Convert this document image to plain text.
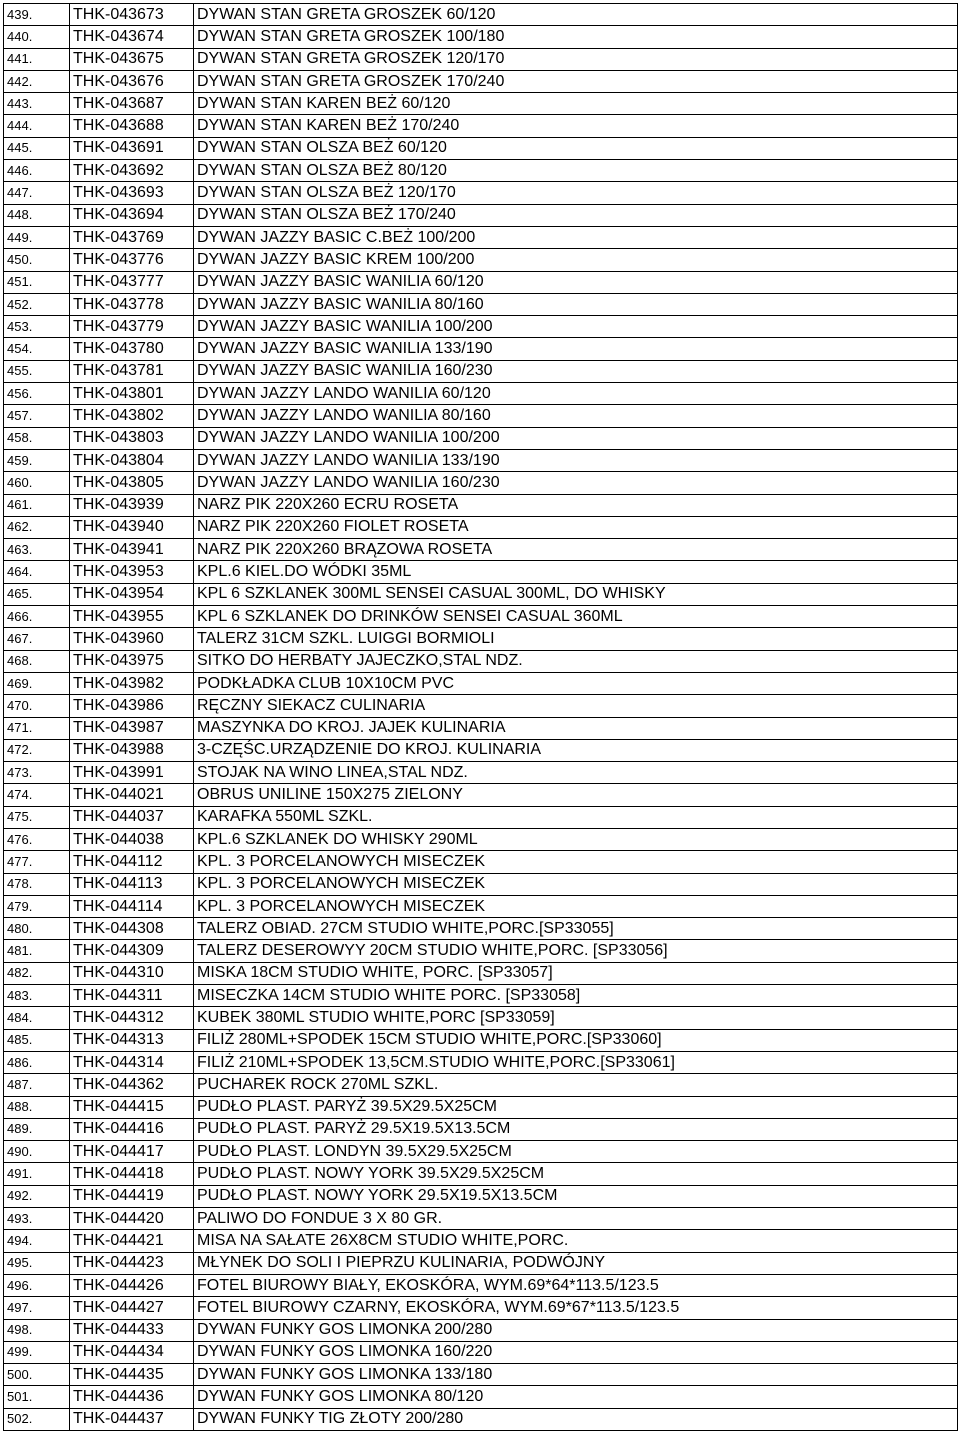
439.	THK-043673	DYWAN STAN GRETA GROSZEK 60/120
440.	THK-043674	DYWAN STAN GRETA GROSZEK 100/180
441.	THK-043675	DYWAN STAN GRETA GROSZEK 120/170
442.	THK-043676	DYWAN STAN GRETA GROSZEK 170/240
443.	THK-043687	DYWAN STAN KAREN BEŻ 60/120
444.	THK-043688	DYWAN STAN KAREN BEŻ 170/240
445.	THK-043691	DYWAN STAN OLSZA BEŻ 60/120
446.	THK-043692	DYWAN STAN OLSZA BEŻ 80/120
447.	THK-043693	DYWAN STAN OLSZA BEŻ 120/170
448.	THK-043694	DYWAN STAN OLSZA BEŻ 170/240
449.	THK-043769	DYWAN JAZZY BASIC C.BEŻ 100/200
450.	THK-043776	DYWAN JAZZY BASIC KREM 100/200
451.	THK-043777	DYWAN JAZZY BASIC WANILIA 60/120
452.	THK-043778	DYWAN JAZZY BASIC WANILIA 80/160
453.	THK-043779	DYWAN JAZZY BASIC WANILIA 100/200
454.	THK-043780	DYWAN JAZZY BASIC WANILIA 133/190
455.	THK-043781	DYWAN JAZZY BASIC WANILIA 160/230
456.	THK-043801	DYWAN JAZZY LANDO WANILIA 60/120
457.	THK-043802	DYWAN JAZZY LANDO WANILIA 80/160
458.	THK-043803	DYWAN JAZZY LANDO WANILIA 100/200
459.	THK-043804	DYWAN JAZZY LANDO WANILIA 133/190
460.	THK-043805	DYWAN JAZZY LANDO WANILIA 160/230
461.	THK-043939	NARZ PIK 220X260 ECRU ROSETA
462.	THK-043940	NARZ PIK 220X260 FIOLET ROSETA
463.	THK-043941	NARZ PIK 220X260 BRĄZOWA ROSETA
464.	THK-043953	KPL.6 KIEL.DO WÓDKI 35ML
465.	THK-043954	KPL 6 SZKLANEK 300ML SENSEI CASUAL 300ML, DO WHISKY
466.	THK-043955	KPL 6 SZKLANEK DO DRINKÓW SENSEI CASUAL 360ML
467.	THK-043960	TALERZ 31CM SZKL. LUIGGI BORMIOLI
468.	THK-043975	SITKO DO HERBATY JAJECZKO,STAL NDZ.
469.	THK-043982	PODKŁADKA CLUB 10X10CM PVC
470.	THK-043986	RĘCZNY SIEKACZ CULINARIA
471.	THK-043987	MASZYNKA DO KROJ. JAJEK KULINARIA
472.	THK-043988	3-CZĘŚC.URZĄDZENIE DO KROJ. KULINARIA
473.	THK-043991	STOJAK NA WINO LINEA,STAL NDZ.
474.	THK-044021	OBRUS UNILINE 150X275 ZIELONY
475.	THK-044037	KARAFKA 550ML SZKL.
476.	THK-044038	KPL.6 SZKLANEK DO WHISKY 290ML
477.	THK-044112	KPL. 3 PORCELANOWYCH MISECZEK
478.	THK-044113	KPL. 3 PORCELANOWYCH MISECZEK
479.	THK-044114	KPL. 3 PORCELANOWYCH MISECZEK
480.	THK-044308	TALERZ OBIAD. 27CM STUDIO WHITE,PORC.[SP33055]
481.	THK-044309	TALERZ DESEROWYY 20CM STUDIO WHITE,PORC. [SP33056]
482.	THK-044310	MISKA 18CM STUDIO WHITE, PORC. [SP33057]
483.	THK-044311	MISECZKA 14CM STUDIO WHITE PORC. [SP33058]
484.	THK-044312	KUBEK 380ML STUDIO WHITE,PORC [SP33059]
485.	THK-044313	FILIŻ 280ML+SPODEK 15CM STUDIO WHITE,PORC.[SP33060]
486.	THK-044314	FILIŻ 210ML+SPODEK 13,5CM.STUDIO WHITE,PORC.[SP33061]
487.	THK-044362	PUCHAREK ROCK 270ML SZKL.
488.	THK-044415	PUDŁO PLAST. PARYŻ 39.5X29.5X25CM
489.	THK-044416	PUDŁO PLAST. PARYŻ 29.5X19.5X13.5CM
490.	THK-044417	PUDŁO PLAST. LONDYN 39.5X29.5X25CM
491.	THK-044418	PUDŁO PLAST. NOWY YORK 39.5X29.5X25CM
492.	THK-044419	PUDŁO PLAST. NOWY YORK 29.5X19.5X13.5CM
493.	THK-044420	PALIWO DO FONDUE 3 X 80 GR.
494.	THK-044421	MISA NA SAŁATE 26X8CM STUDIO WHITE,PORC.
495.	THK-044423	MŁYNEK DO SOLI I PIEPRZU KULINARIA, PODWÓJNY
496.	THK-044426	FOTEL BIUROWY BIAŁY, EKOSKÓRA, WYM.69*64*113.5/123.5
497.	THK-044427	FOTEL BIUROWY CZARNY, EKOSKÓRA, WYM.69*67*113.5/123.5
498.	THK-044433	DYWAN FUNKY GOS LIMONKA 200/280
499.	THK-044434	DYWAN FUNKY GOS LIMONKA 160/220
500.	THK-044435	DYWAN FUNKY GOS LIMONKA 133/180
501.	THK-044436	DYWAN FUNKY GOS LIMONKA 80/120
502.	THK-044437	DYWAN FUNKY TIG ZŁOTY 200/280
